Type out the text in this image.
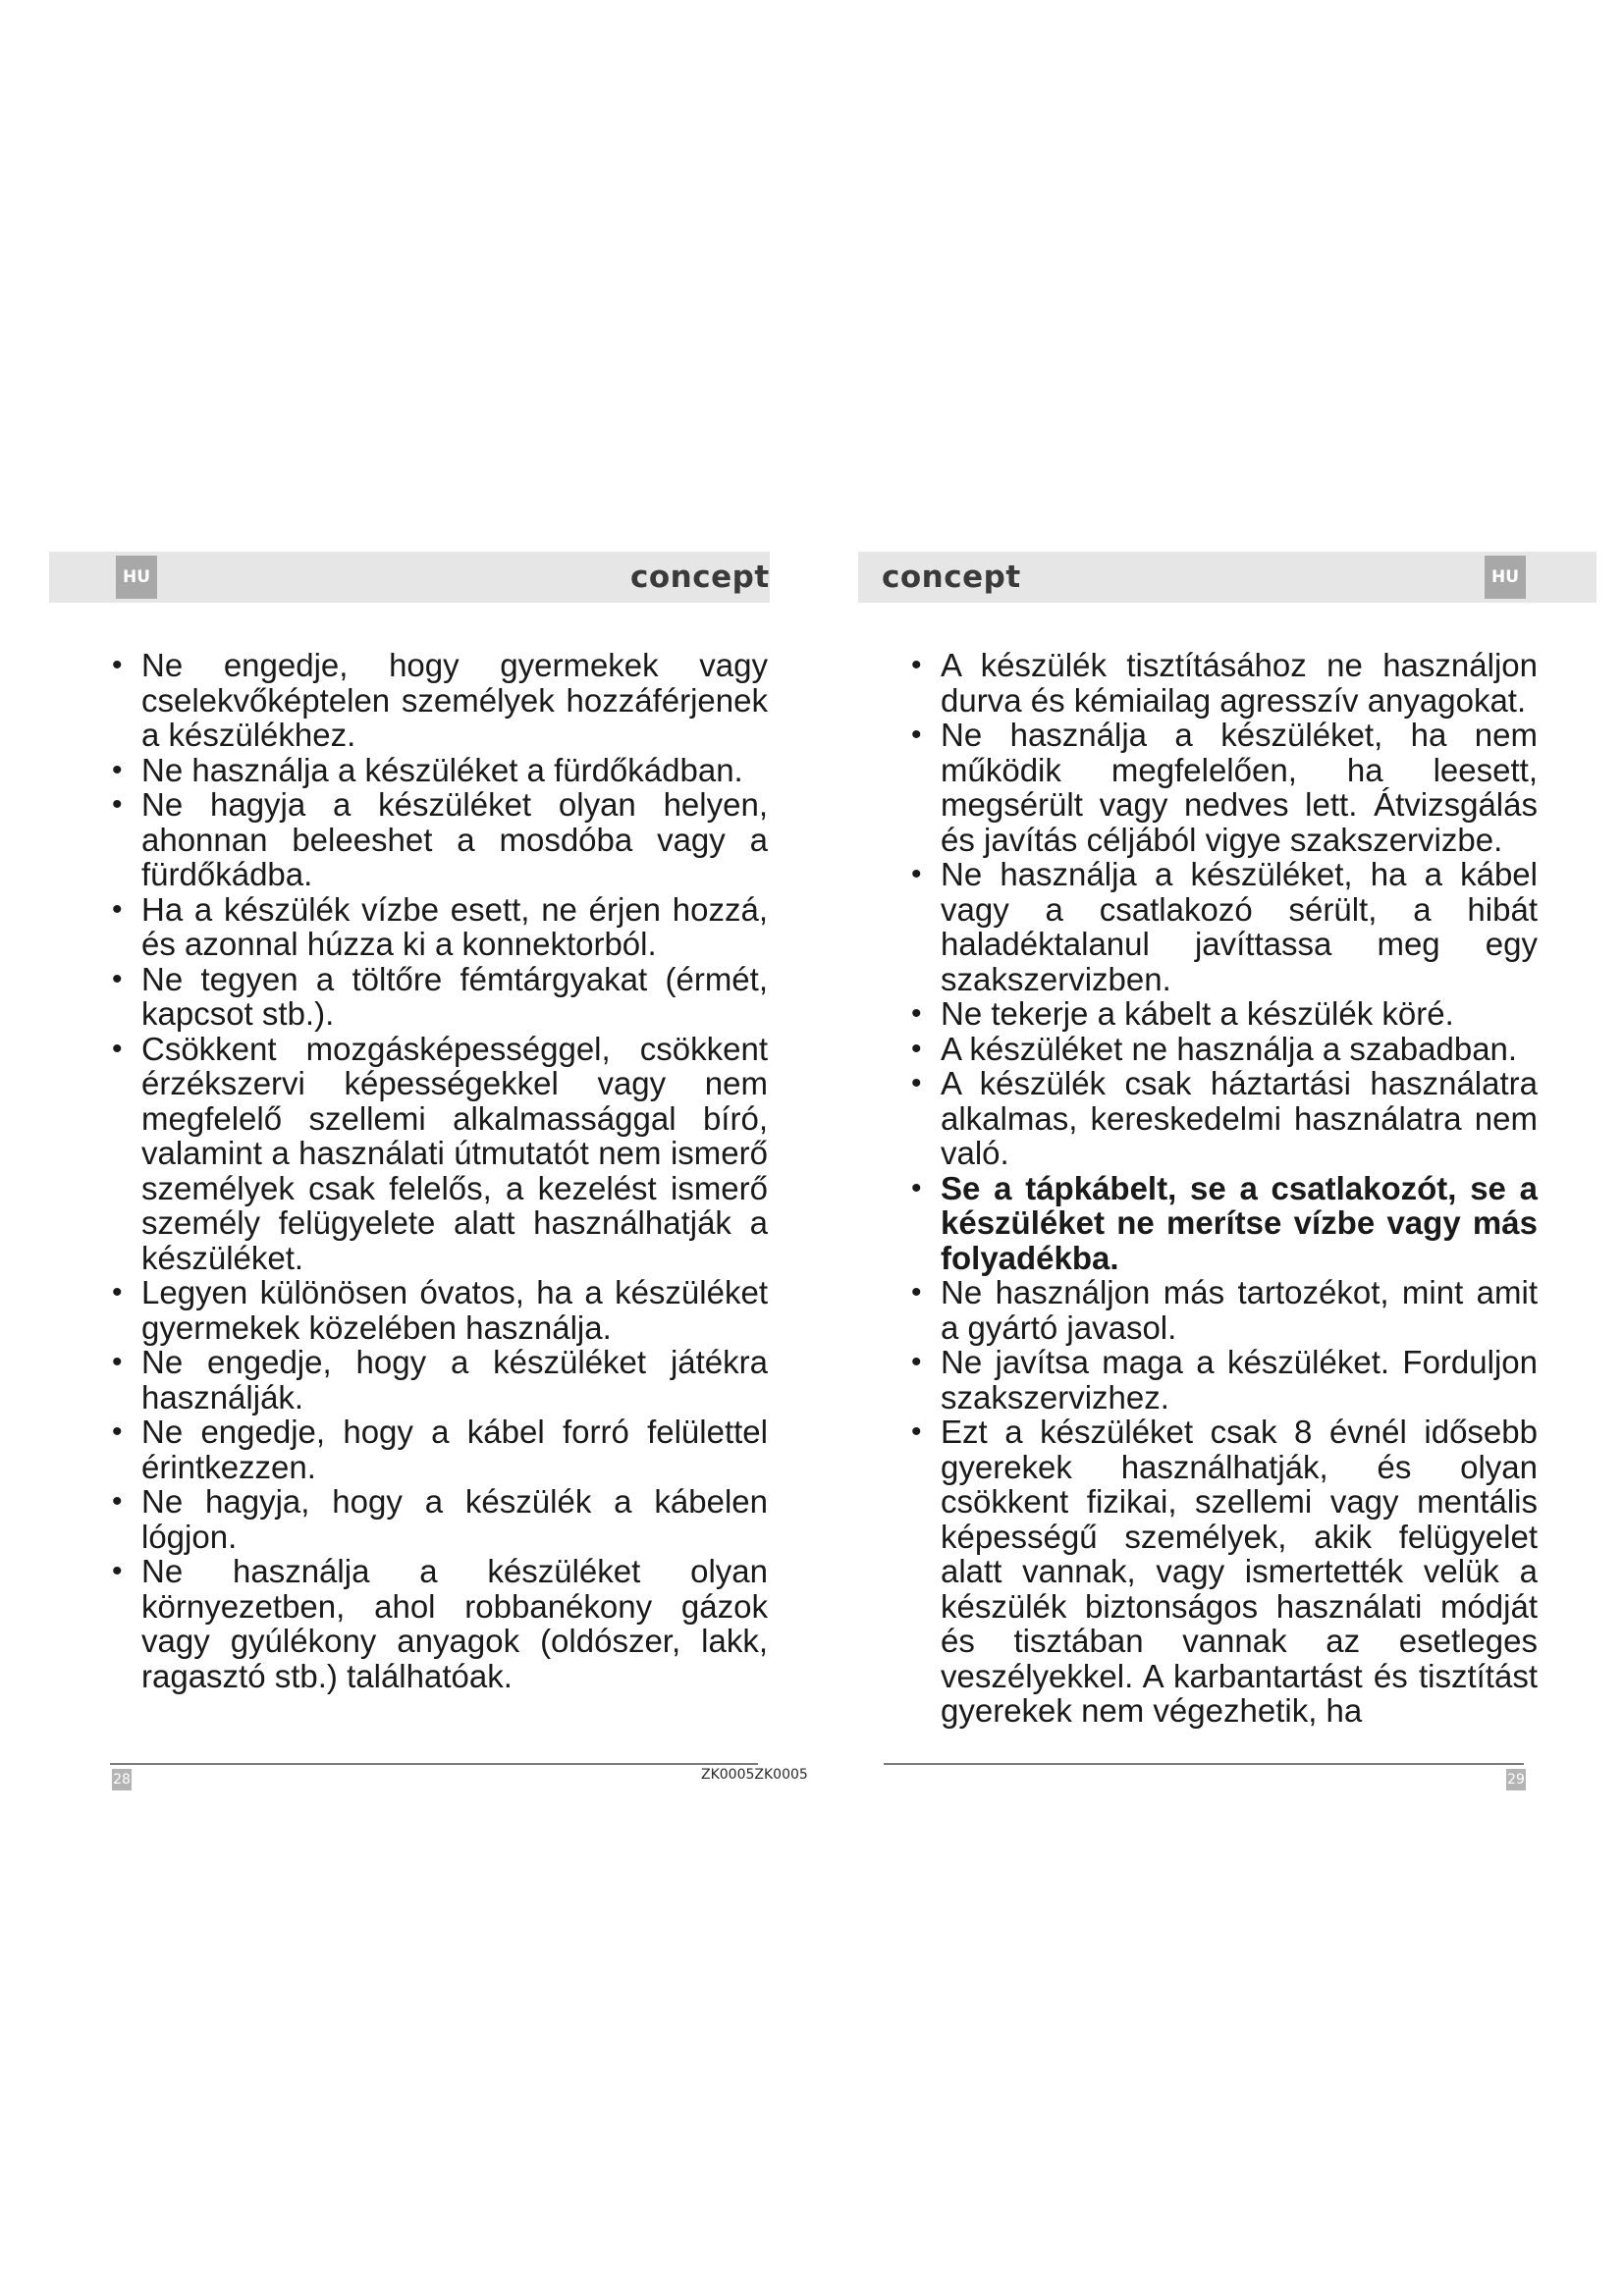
HU	concept	concept	HU
• Ne engedje, hogy gyermekek vagy cselekvőképtelen személyek hozzáférjenek a készülékhez.
• Ne használja a készüléket a fürdőkádban.
• Ne hagyja a készüléket olyan helyen, ahonnan beleeshet a mosdóba vagy a fürdőkádba.
• Ha a készülék vízbe esett, ne érjen hozzá, és azonnal húzza ki a konnektorból.
• Ne tegyen a töltőre fémtárgyakat (érmét, kapcsot stb.).
• Csökkent mozgásképességgel, csökkent érzékszervi képességekkel vagy nem megfelelő szellemi alkalmassággal bíró, valamint a használati útmutatót nem ismerő személyek csak felelős, a kezelést ismerő személy felügyelete alatt használhatják a készüléket.
• Legyen különösen óvatos, ha a készüléket gyermekek közelében használja.
• Ne engedje, hogy a készüléket játékra használják.
• Ne engedje, hogy a kábel forró felülettel érintkezzen.
• Ne hagyja, hogy a készülék a kábelen lógjon.
• Ne használja a készüléket olyan környezetben, ahol robbanékony gázok vagy gyúlékony anyagok (oldószer, lakk, ragasztó stb.) találhatóak.
• A készülék tisztításához ne használjon durva és kémiailag agresszív anyagokat.
• Ne használja a készüléket, ha nem működik megfelelően, ha leesett, megsérült vagy nedves lett. Átvizsgálás és javítás céljából vigye szakszervizbe.
• Ne használja a készüléket, ha a kábel vagy a csatlakozó sérült, a hibát haladéktalanul javíttassa meg egy szakszervizben.
• Ne tekerje a kábelt a készülék köré.
• A készüléket ne használja a szabadban.
• A készülék csak háztartási használatra alkalmas, kereskedelmi használatra nem való.
• Se a tápkábelt, se a csatlakozót, se a készüléket ne merítse vízbe vagy más folyadékba.
• Ne használjon más tartozékot, mint amit a gyártó javasol.
• Ne javítsa maga a készüléket. Forduljon szakszervizhez.
• Ezt a készüléket csak 8 évnél idősebb gyerekek használhatják, és olyan csökkent fizikai, szellemi vagy mentális képességű személyek, akik felügyelet alatt vannak, vagy ismertették velük a készülék biztonságos használati módját és tisztában vannak az esetleges veszélyekkel. A karbantartást és tisztítást gyerekek nem végezhetik, ha
28	ZK0005ZK0005	29
